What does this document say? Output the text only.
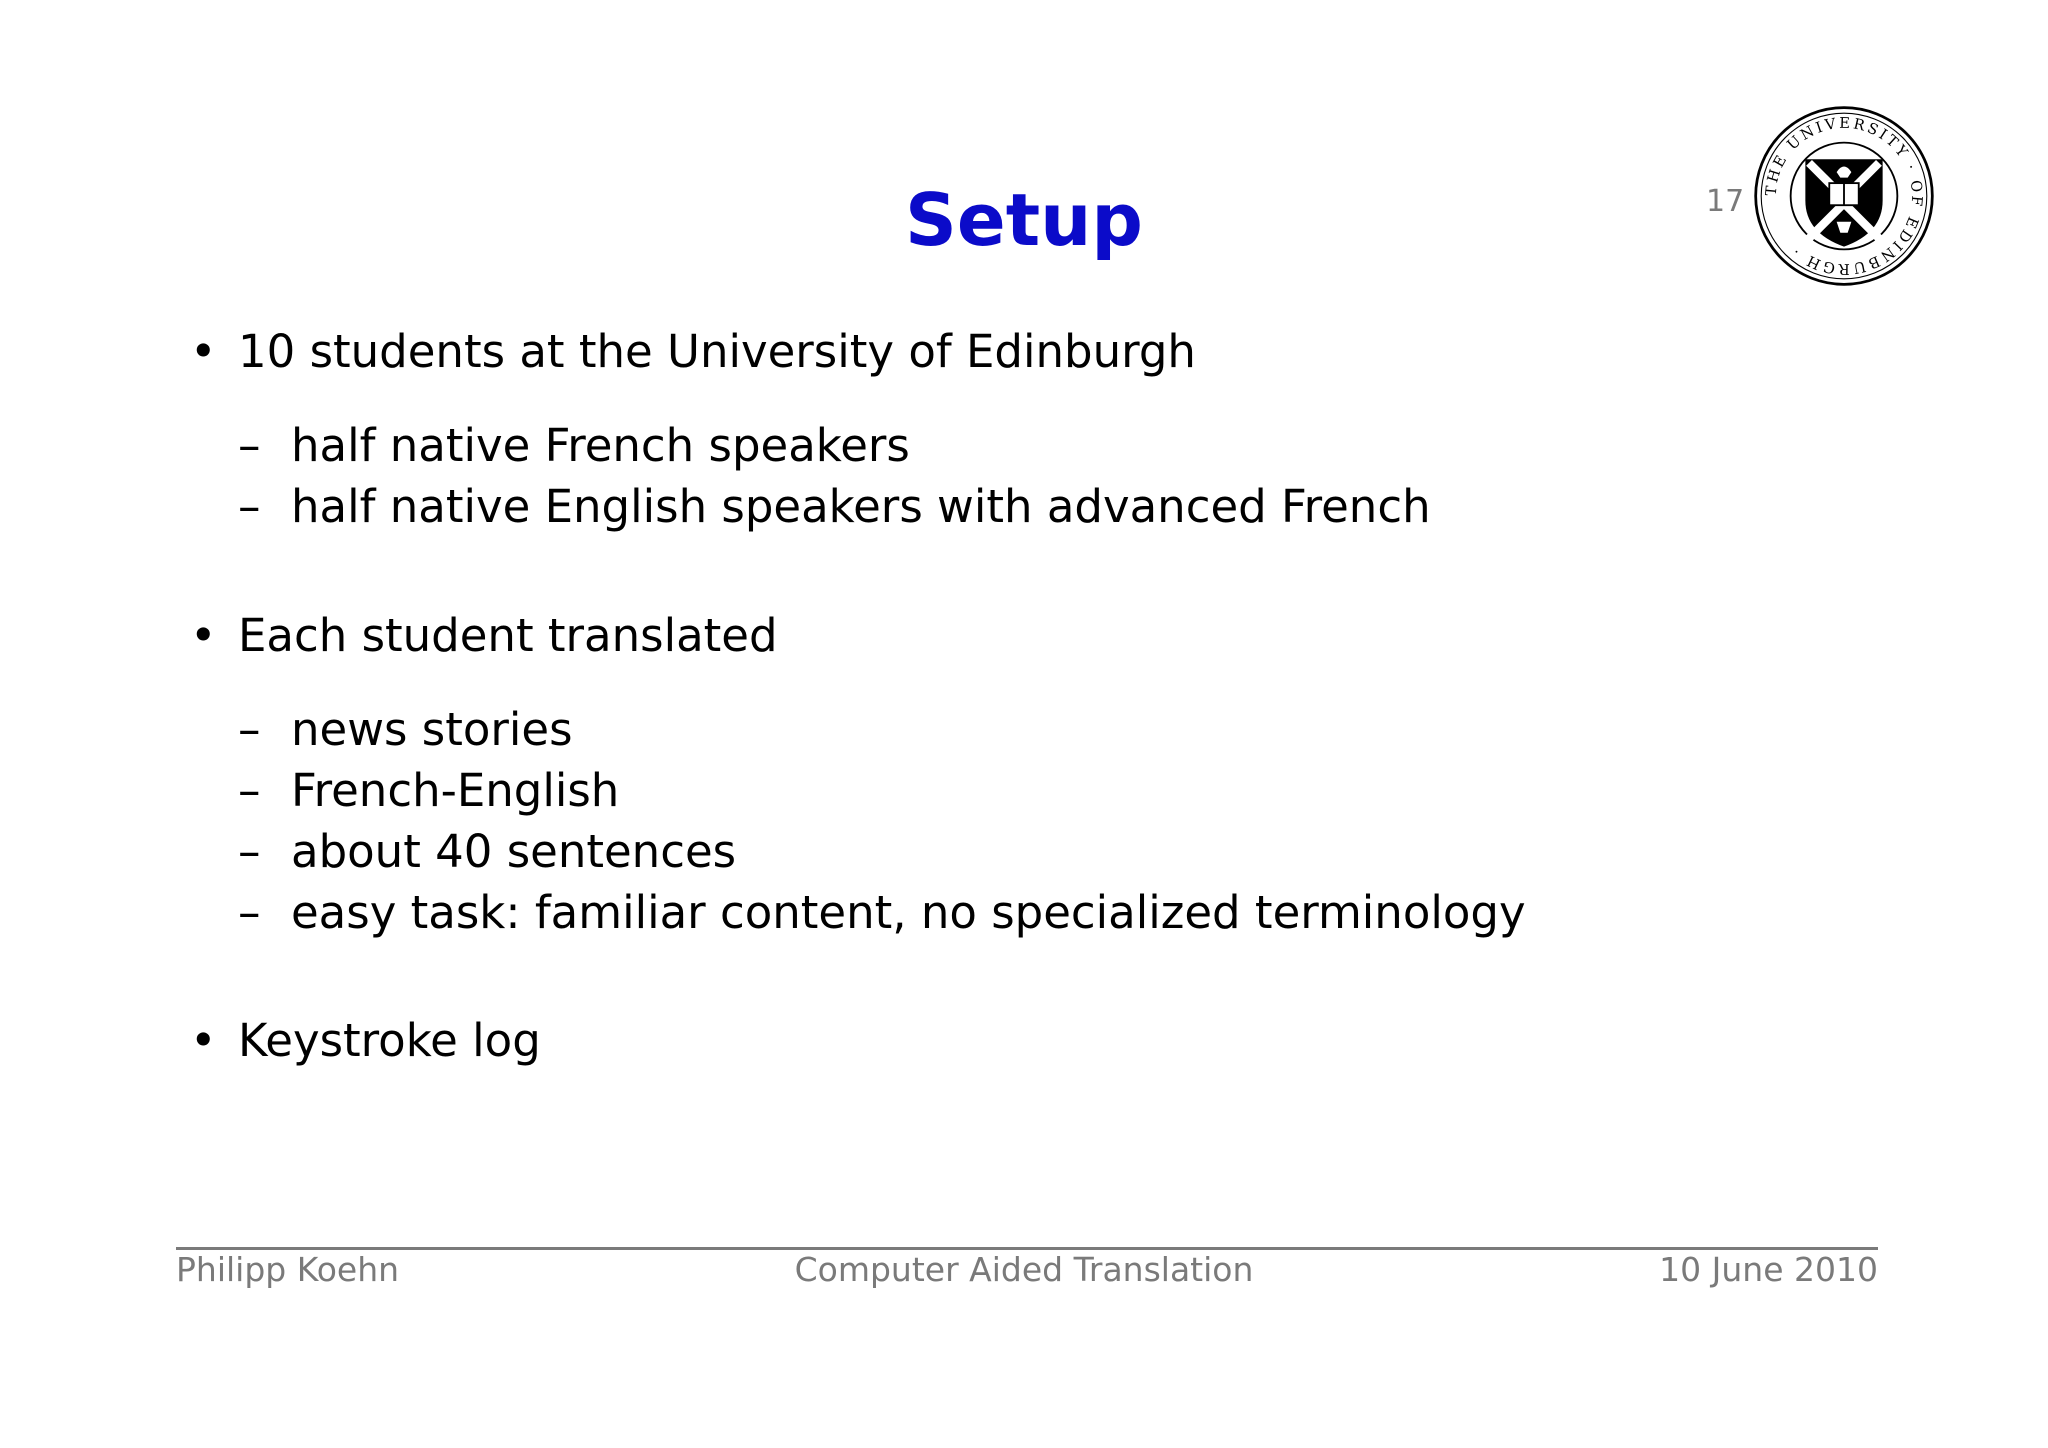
Setup	17 THE UNIVERSITY · OF EDINBURGH ·
• 10 students at the University of Edinburgh
– half native French speakers
– half native English speakers with advanced French
• Each student translated
– news stories
– French-English
– about 40 sentences
– easy task: familiar content, no specialized terminology
• Keystroke log
Philipp Koehn	Computer Aided Translation	10 June 2010
